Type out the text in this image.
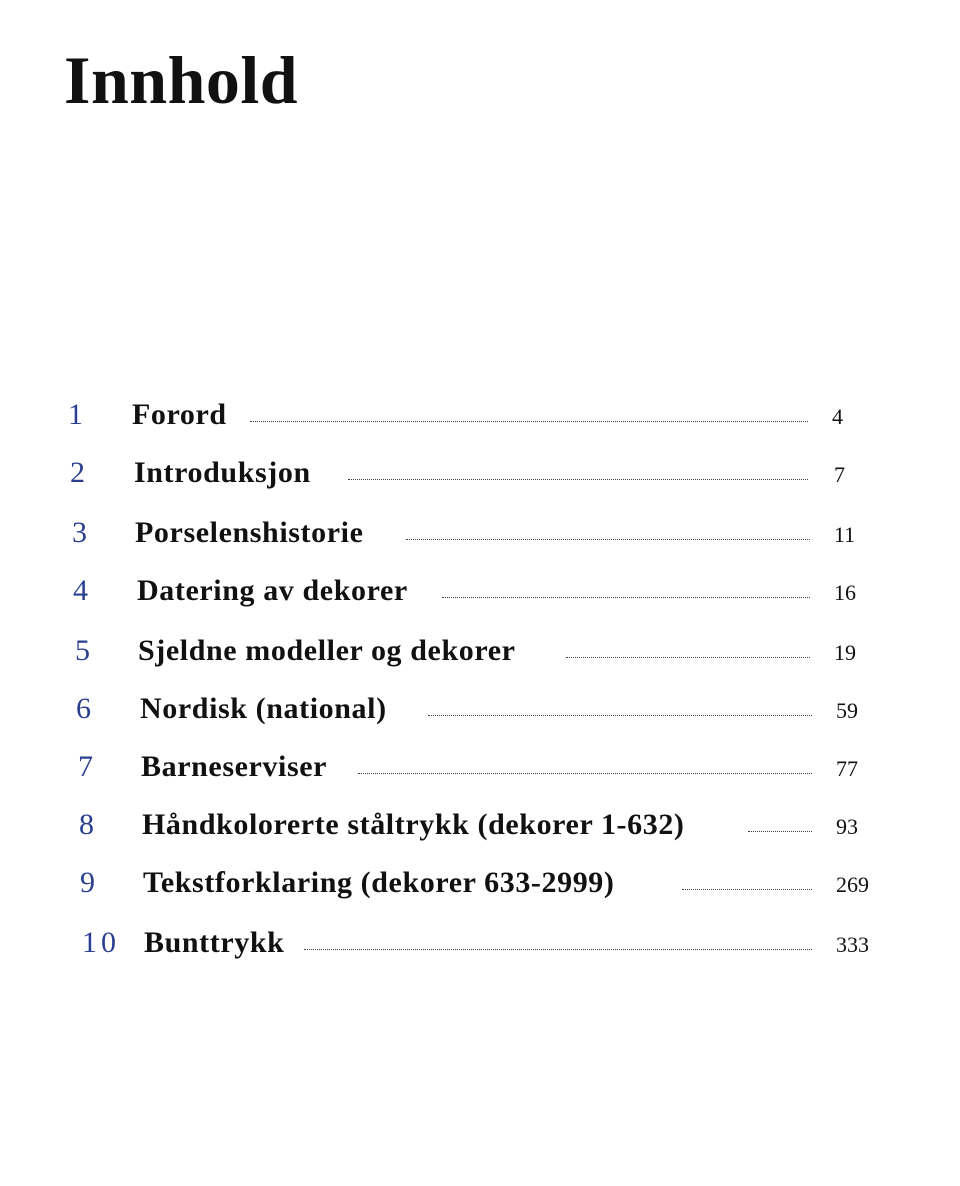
Innhold
1 Forord	4
2 Introduksjon	7
3 Porselenshistorie	11
4 Datering av dekorer	16
5 Sjeldne modeller og dekorer	19
6 Nordisk (national)	59
7 Barneserviser	77
8 Håndkolorerte ståltrykk (dekorer 1-632)	93
9 Tekstforklaring (dekorer 633-2999)	269
10 Bunttrykk	333
